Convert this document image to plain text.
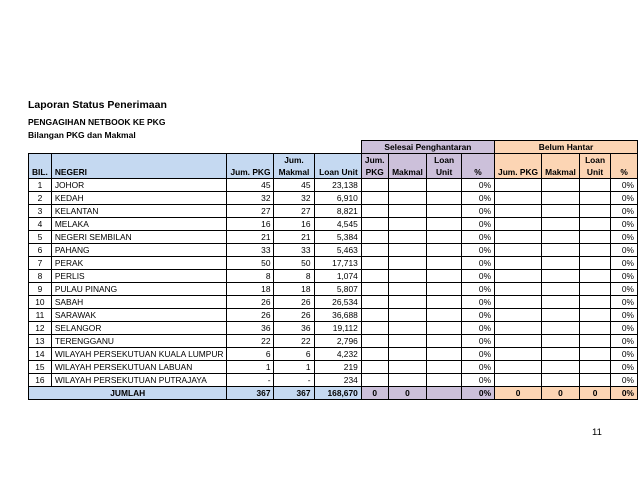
Laporan Status Penerimaan
PENGAGIHAN NETBOOK KE PKG
Bilangan PKG dan Makmal
					Selesai Penghantaran				Belum Hantar			
			Jum.		Jum.		Loan				Loan	
BIL.	NEGERI	Jum. PKG	Makmal	Loan Unit	PKG	Makmal	Unit	%	Jum. PKG	Makmal	Unit	%
1	JOHOR	45	45	23,138				0%				0%
2	KEDAH	32	32	6,910				0%				0%
3	KELANTAN	27	27	8,821				0%				0%
4	MELAKA	16	16	4,545				0%				0%
5	NEGERI SEMBILAN	21	21	5,384				0%				0%
6	PAHANG	33	33	5,463				0%				0%
7	PERAK	50	50	17,713				0%				0%
8	PERLIS	8	8	1,074				0%				0%
9	PULAU PINANG	18	18	5,807				0%				0%
10	SABAH	26	26	26,534				0%				0%
11	SARAWAK	26	26	36,688				0%				0%
12	SELANGOR	36	36	19,112				0%				0%
13	TERENGGANU	22	22	2,796				0%				0%
14	WILAYAH PERSEKUTUAN KUALA LUMPUR	6	6	4,232				0%				0%
15	WILAYAH PERSEKUTUAN LABUAN	1	1	219				0%				0%
16	WILAYAH PERSEKUTUAN PUTRAJAYA	-	-	234				0%				0%
JUMLAH		367	367	168,670	0	0		0%	0	0	0	0%
11
